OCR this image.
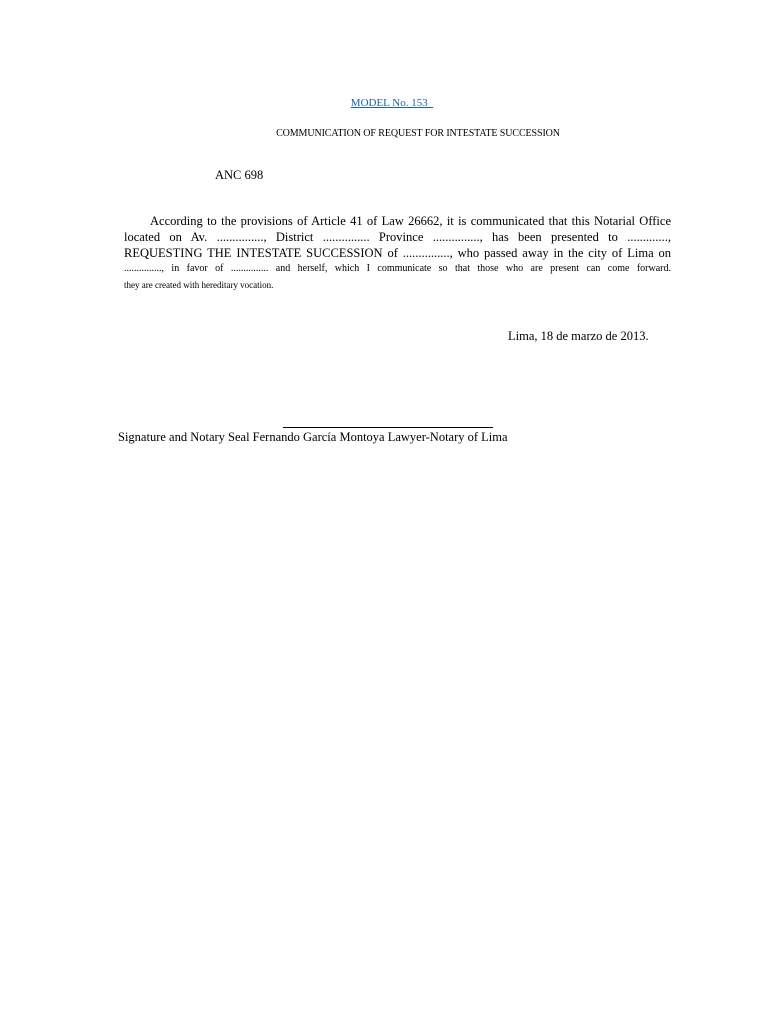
MODEL No. 153
COMMUNICATION OF REQUEST FOR INTESTATE SUCCESSION
ANC 698
According to the provisions of Article 41 of Law 26662, it is communicated that this Notarial Office
located on Av. ..............., District ............... Province ..............., has been presented to .............,
REQUESTING THE INTESTATE SUCCESSION of ..............., who passed away in the city of Lima on
..............., in favor of ............... and herself, which I communicate so that those who are present can come forward.
they are created with hereditary vocation.
Lima, 18 de marzo de 2013.
Signature and Notary Seal Fernando García Montoya Lawyer-Notary of Lima
